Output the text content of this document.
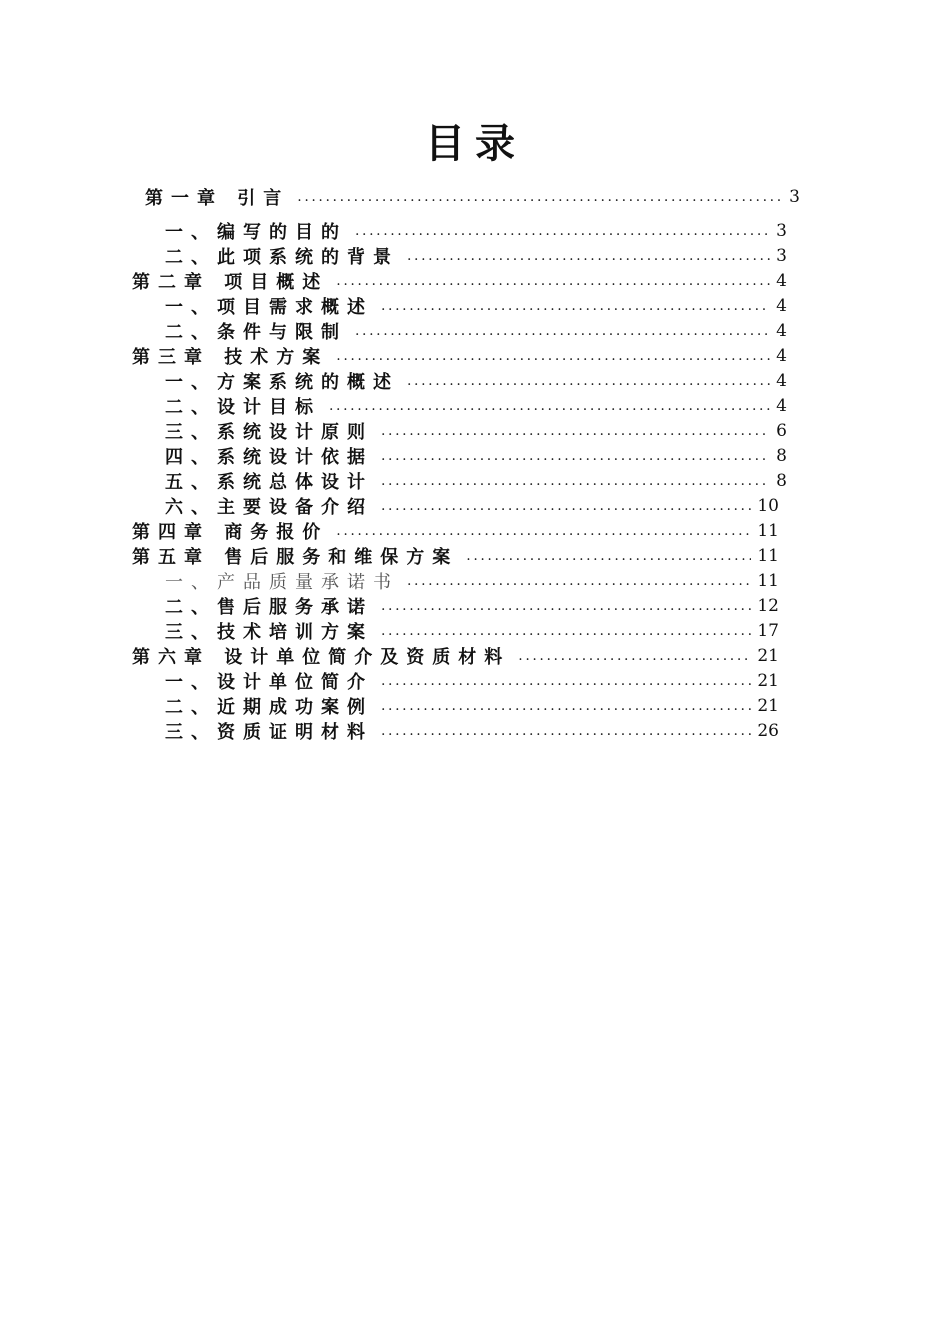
目录
第一章 引言 .....	3
一、编写的目的 .....	3
二、此项系统的背景 .....	3
第二章 项目概述 .....	4
一、项目需求概述 .....	4
二、条件与限制 .....	4
第三章 技术方案 .....	4
一、方案系统的概述 .....	4
二、设计目标 .....	4
三、系统设计原则 .....	6
四、系统设计依据 .....	8
五、系统总体设计 .....	8
六、主要设备介绍 .....	10
第四章 商务报价 .....	11
第五章 售后服务和维保方案 .....	11
一、产品质量承诺书 .....	11
二、售后服务承诺 .....	12
三、技术培训方案 .....	17
第六章 设计单位简介及资质材料 .....	21
一、设计单位简介 .....	21
二、近期成功案例 .....	21
三、资质证明材料 .....	26
